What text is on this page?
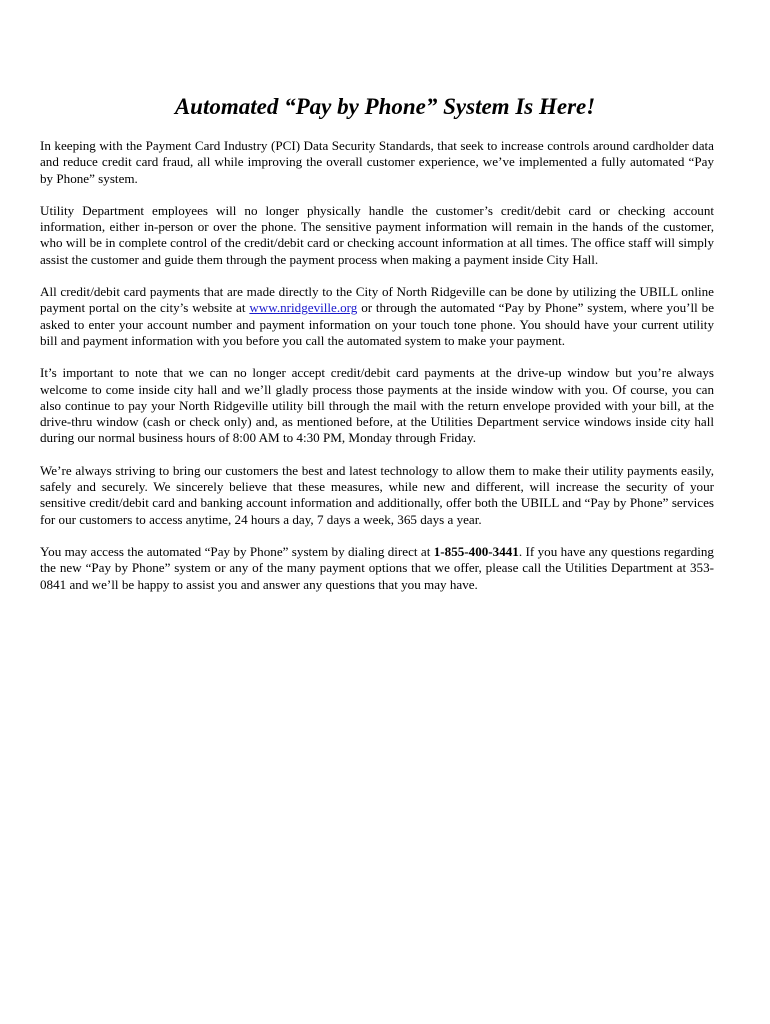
Automated “Pay by Phone” System Is Here!

In keeping with the Payment Card Industry (PCI) Data Security Standards, that seek to increase controls around cardholder data and reduce credit card fraud, all while improving the overall customer experience, we’ve implemented a fully automated “Pay by Phone” system.

Utility Department employees will no longer physically handle the customer’s credit/debit card or checking account information, either in-person or over the phone. The sensitive payment information will remain in the hands of the customer, who will be in complete control of the credit/debit card or checking account information at all times. The office staff will simply assist the customer and guide them through the payment process when making a payment inside City Hall.

All credit/debit card payments that are made directly to the City of North Ridgeville can be done by utilizing the UBILL online payment portal on the city’s website at www.nridgeville.org or through the automated “Pay by Phone” system, where you’ll be asked to enter your account number and payment information on your touch tone phone. You should have your current utility bill and payment information with you before you call the automated system to make your payment.

It’s important to note that we can no longer accept credit/debit card payments at the drive-up window but you’re always welcome to come inside city hall and we’ll gladly process those payments at the inside window with you. Of course, you can also continue to pay your North Ridgeville utility bill through the mail with the return envelope provided with your bill, at the drive-thru window (cash or check only) and, as mentioned before, at the Utilities Department service windows inside city hall during our normal business hours of 8:00 AM to 4:30 PM, Monday through Friday.

We’re always striving to bring our customers the best and latest technology to allow them to make their utility payments easily, safely and securely. We sincerely believe that these measures, while new and different, will increase the security of your sensitive credit/debit card and banking account information and additionally, offer both the UBILL and “Pay by Phone” services for our customers to access anytime, 24 hours a day, 7 days a week, 365 days a year.

You may access the automated “Pay by Phone” system by dialing direct at 1-855-400-3441. If you have any questions regarding the new “Pay by Phone” system or any of the many payment options that we offer, please call the Utilities Department at 353-0841 and we’ll be happy to assist you and answer any questions that you may have.
